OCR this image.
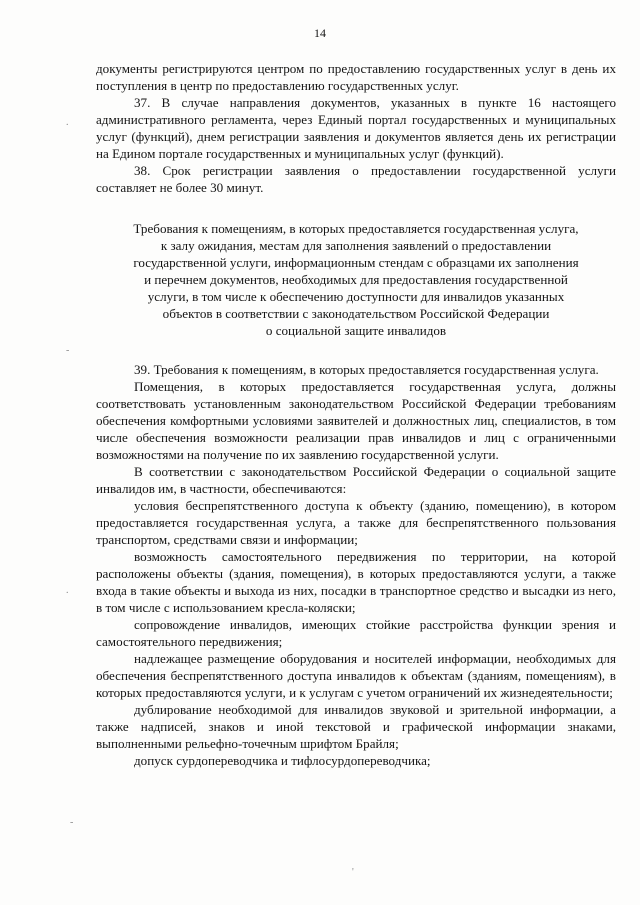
14

документы регистрируются центром по предоставлению государственных услуг в день их поступления в центр по предоставлению государственных услуг.

37. В случае направления документов, указанных в пункте 16 настоящего административного регламента, через Единый портал государственных и муниципальных услуг (функций), днем регистрации заявления и документов является день их регистрации на Едином портале государственных и муниципальных услуг (функций).

38. Срок регистрации заявления о предоставлении государственной услуги составляет не более 30 минут.

Требования к помещениям, в которых предоставляется государственная услуга,
к залу ожидания, местам для заполнения заявлений о предоставлении
государственной услуги, информационным стендам с образцами их заполнения
и перечнем документов, необходимых для предоставления государственной
услуги, в том числе к обеспечению доступности для инвалидов указанных
объектов в соответствии с законодательством Российской Федерации
о социальной защите инвалидов

39. Требования к помещениям, в которых предоставляется государственная услуга.

Помещения, в которых предоставляется государственная услуга, должны соответствовать установленным законодательством Российской Федерации требованиям обеспечения комфортными условиями заявителей и должностных лиц, специалистов, в том числе обеспечения возможности реализации прав инвалидов и лиц с ограниченными возможностями на получение по их заявлению государственной услуги.

В соответствии с законодательством Российской Федерации о социальной защите инвалидов им, в частности, обеспечиваются:

условия беспрепятственного доступа к объекту (зданию, помещению), в котором предоставляется государственная услуга, а также для беспрепятственного пользования транспортом, средствами связи и информации;

возможность самостоятельного передвижения по территории, на которой расположены объекты (здания, помещения), в которых предоставляются услуги, а также входа в такие объекты и выхода из них, посадки в транспортное средство и высадки из него, в том числе с использованием кресла-коляски;

сопровождение инвалидов, имеющих стойкие расстройства функции зрения и самостоятельного передвижения;

надлежащее размещение оборудования и носителей информации, необходимых для обеспечения беспрепятственного доступа инвалидов к объектам (зданиям, помещениям), в которых предоставляются услуги, и к услугам с учетом ограничений их жизнедеятельности;

дублирование необходимой для инвалидов звуковой и зрительной информации, а также надписей, знаков и иной текстовой и графической информации знаками, выполненными рельефно-точечным шрифтом Брайля;

допуск сурдопереводчика и тифлосурдопереводчика;

.
-
.
-
'
